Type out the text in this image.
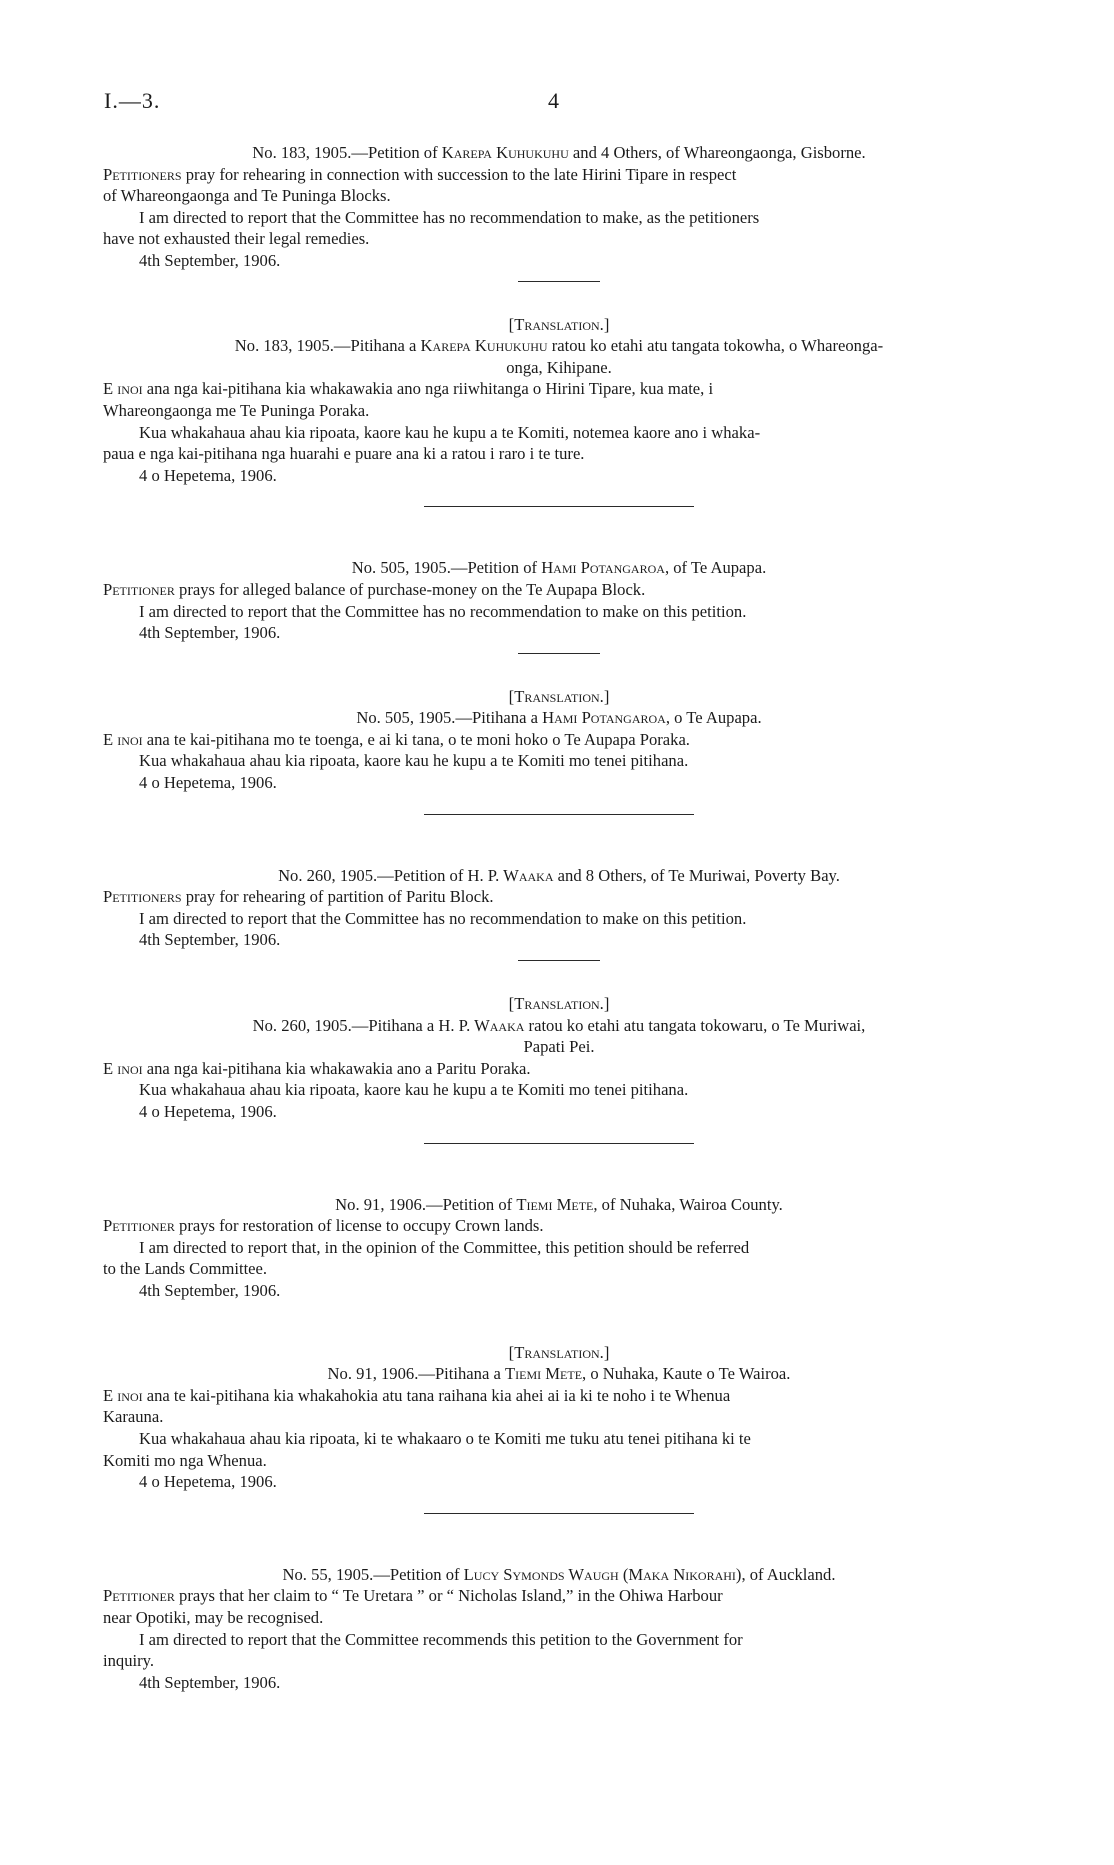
I.—3.	4
No. 183, 1905.—Petition of Karepa Kuhukuhu and 4 Others, of Whareongaonga, Gisborne.
Petitioners pray for rehearing in connection with succession to the late Hirini Tipare in respect
of Whareongaonga and Te Puninga Blocks.
I am directed to report that the Committee has no recommendation to make, as the petitioners
have not exhausted their legal remedies.
4th September, 1906.
[Translation.]
No. 183, 1905.—Pitihana a Karepa Kuhukuhu ratou ko etahi atu tangata tokowha, o Whareonga-
onga, Kihipane.
E inoi ana nga kai-pitihana kia whakawakia ano nga riiwhitanga o Hirini Tipare, kua mate, i
Whareongaonga me Te Puninga Poraka.
Kua whakahaua ahau kia ripoata, kaore kau he kupu a te Komiti, notemea kaore ano i whaka-
paua e nga kai-pitihana nga huarahi e puare ana ki a ratou i raro i te ture.
4 o Hepetema, 1906.
No. 505, 1905.—Petition of Hami Potangaroa, of Te Aupapa.
Petitioner prays for alleged balance of purchase-money on the Te Aupapa Block.
I am directed to report that the Committee has no recommendation to make on this petition.
4th September, 1906.
[Translation.]
No. 505, 1905.—Pitihana a Hami Potangaroa, o Te Aupapa.
E inoi ana te kai-pitihana mo te toenga, e ai ki tana, o te moni hoko o Te Aupapa Poraka.
Kua whakahaua ahau kia ripoata, kaore kau he kupu a te Komiti mo tenei pitihana.
4 o Hepetema, 1906.
No. 260, 1905.—Petition of H. P. Waaka and 8 Others, of Te Muriwai, Poverty Bay.
Petitioners pray for rehearing of partition of Paritu Block.
I am directed to report that the Committee has no recommendation to make on this petition.
4th September, 1906.
[Translation.]
No. 260, 1905.—Pitihana a H. P. Waaka ratou ko etahi atu tangata tokowaru, o Te Muriwai,
Papati Pei.
E inoi ana nga kai-pitihana kia whakawakia ano a Paritu Poraka.
Kua whakahaua ahau kia ripoata, kaore kau he kupu a te Komiti mo tenei pitihana.
4 o Hepetema, 1906.
No. 91, 1906.—Petition of Tiemi Mete, of Nuhaka, Wairoa County.
Petitioner prays for restoration of license to occupy Crown lands.
I am directed to report that, in the opinion of the Committee, this petition should be referred
to the Lands Committee.
4th September, 1906.
[Translation.]
No. 91, 1906.—Pitihana a Tiemi Mete, o Nuhaka, Kaute o Te Wairoa.
E inoi ana te kai-pitihana kia whakahokia atu tana raihana kia ahei ai ia ki te noho i te Whenua
Karauna.
Kua whakahaua ahau kia ripoata, ki te whakaaro o te Komiti me tuku atu tenei pitihana ki te
Komiti mo nga Whenua.
4 o Hepetema, 1906.
No. 55, 1905.—Petition of Lucy Symonds Waugh (Maka Nikorahi), of Auckland.
Petitioner prays that her claim to “ Te Uretara ” or “ Nicholas Island,” in the Ohiwa Harbour
near Opotiki, may be recognised.
I am directed to report that the Committee recommends this petition to the Government for
inquiry.
4th September, 1906.
